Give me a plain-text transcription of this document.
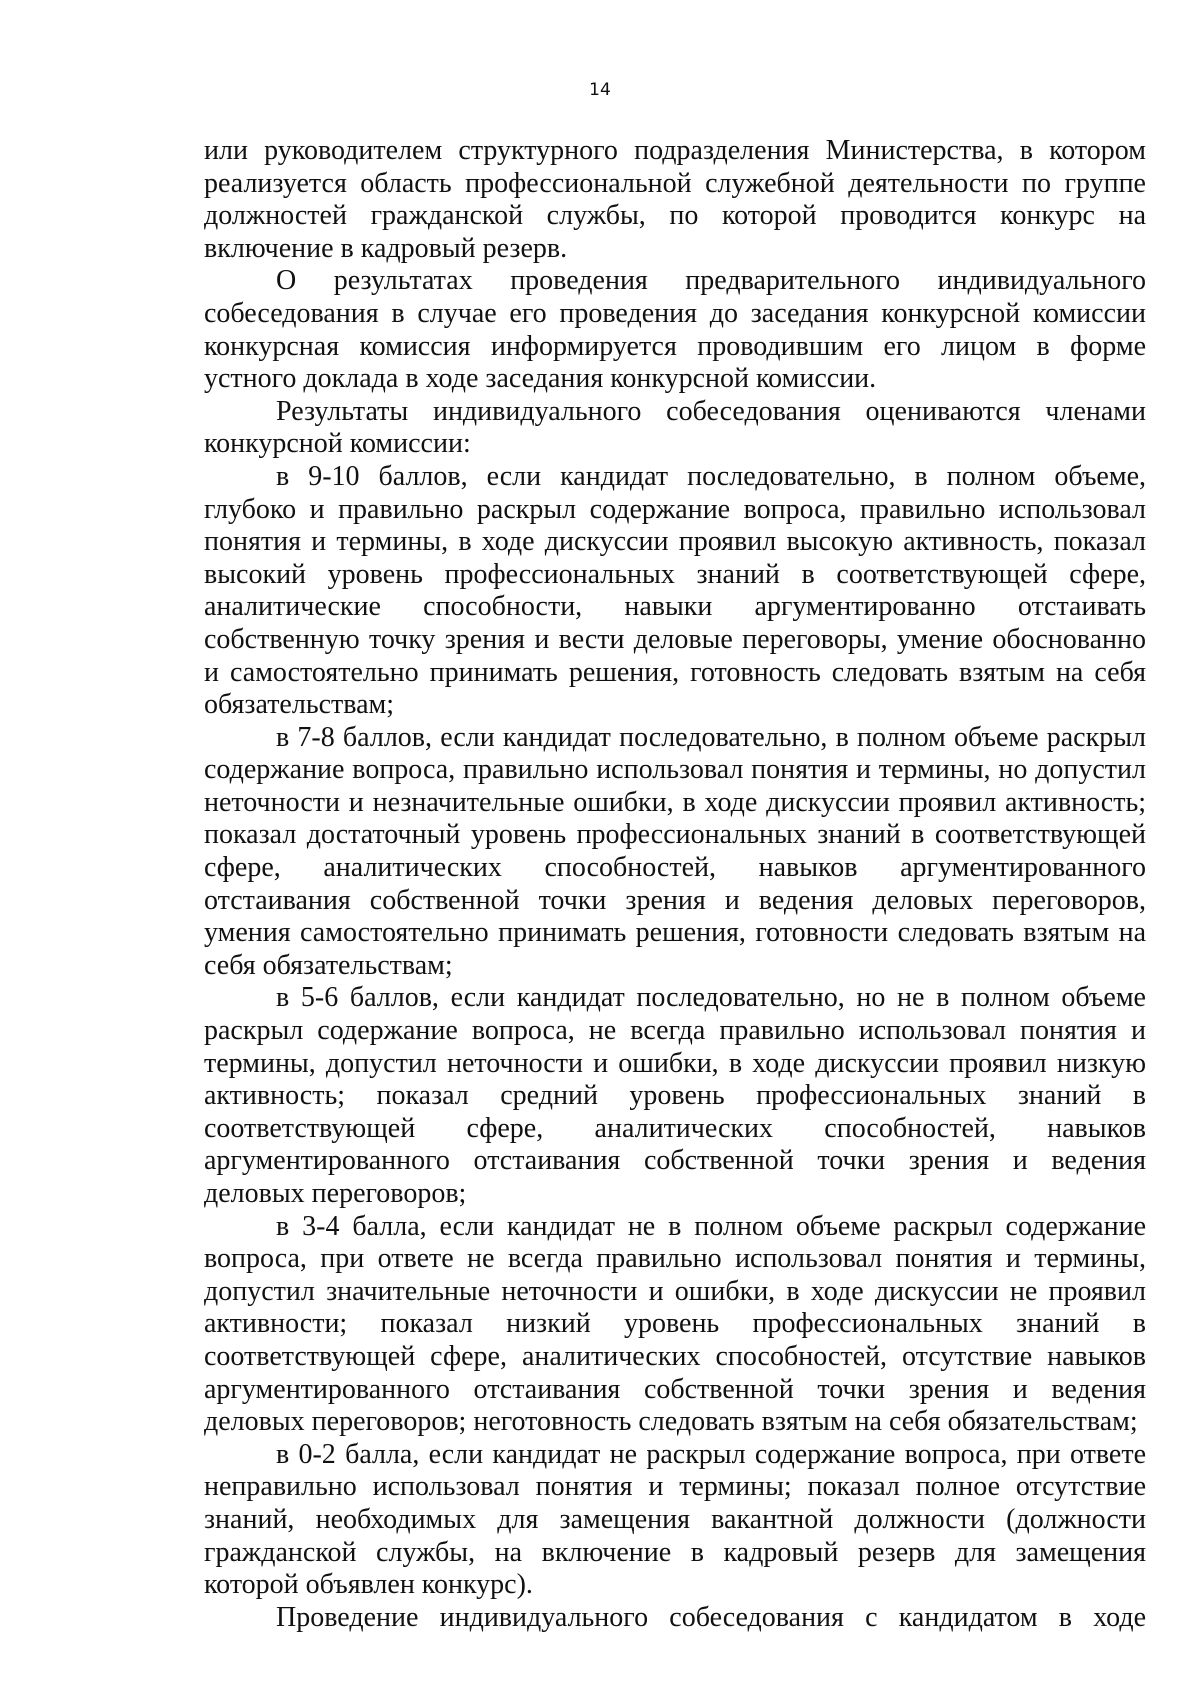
14

или руководителем структурного подразделения Министерства, в котором реализуется область профессиональной служебной деятельности по группе должностей гражданской службы, по которой проводится конкурс на включение в кадровый резерв.

О результатах проведения предварительного индивидуального собеседования в случае его проведения до заседания конкурсной комиссии конкурсная комиссия информируется проводившим его лицом в форме устного доклада в ходе заседания конкурсной комиссии.

Результаты индивидуального собеседования оцениваются членами конкурсной комиссии:

в 9-10 баллов, если кандидат последовательно, в полном объеме, глубоко и правильно раскрыл содержание вопроса, правильно использовал понятия и термины, в ходе дискуссии проявил высокую активность, показал высокий уровень профессиональных знаний в соответствующей сфере, аналитические способности, навыки аргументированно отстаивать собственную точку зрения и вести деловые переговоры, умение обоснованно и самостоятельно принимать решения, готовность следовать взятым на себя обязательствам;

в 7-8 баллов, если кандидат последовательно, в полном объеме раскрыл содержание вопроса, правильно использовал понятия и термины, но допустил неточности и незначительные ошибки, в ходе дискуссии проявил активность; показал достаточный уровень профессиональных знаний в соответствующей сфере, аналитических способностей, навыков аргументированного отстаивания собственной точки зрения и ведения деловых переговоров, умения самостоятельно принимать решения, готовности следовать взятым на себя обязательствам;

в 5-6 баллов, если кандидат последовательно, но не в полном объеме раскрыл содержание вопроса, не всегда правильно использовал понятия и термины, допустил неточности и ошибки, в ходе дискуссии проявил низкую активность; показал средний уровень профессиональных знаний в соответствующей сфере, аналитических способностей, навыков аргументированного отстаивания собственной точки зрения и ведения деловых переговоров;

в 3-4 балла, если кандидат не в полном объеме раскрыл содержание вопроса, при ответе не всегда правильно использовал понятия и термины, допустил значительные неточности и ошибки, в ходе дискуссии не проявил активности; показал низкий уровень профессиональных знаний в соответствующей сфере, аналитических способностей, отсутствие навыков аргументированного отстаивания собственной точки зрения и ведения деловых переговоров; неготовность следовать взятым на себя обязательствам;

в 0-2 балла, если кандидат не раскрыл содержание вопроса, при ответе неправильно использовал понятия и термины; показал полное отсутствие знаний, необходимых для замещения вакантной должности (должности гражданской службы, на включение в кадровый резерв для замещения которой объявлен конкурс).

Проведение индивидуального собеседования с кандидатом в ходе
